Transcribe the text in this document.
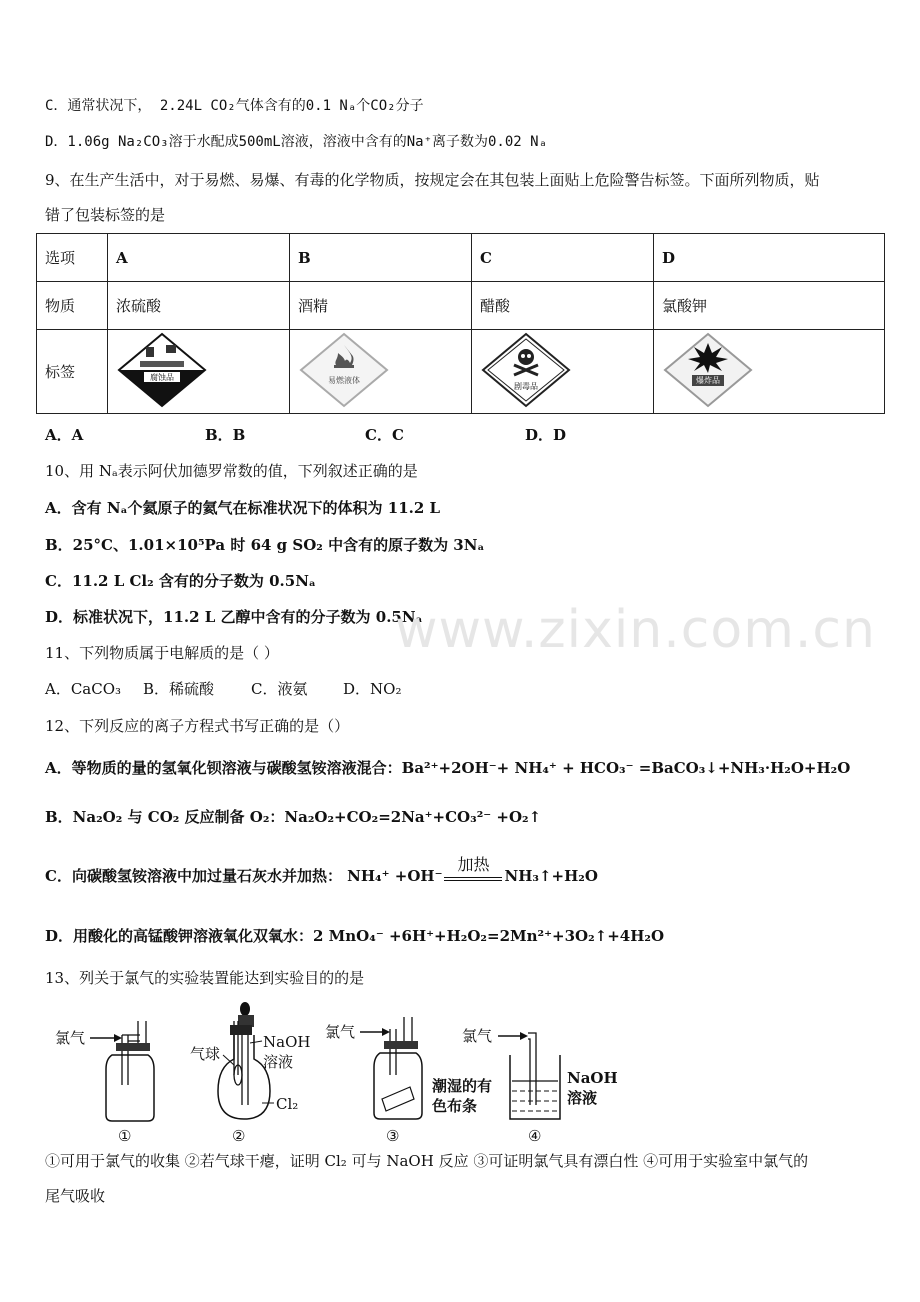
C．通常状况下， 2.24L CO₂气体含有的0.1 Nₐ个CO₂分子
D．1.06g Na₂CO₃溶于水配成500mL溶液，溶液中含有的Na⁺离子数为0.02 Nₐ
9、在生产生活中，对于易燃、易爆、有毒的化学物质，按规定会在其包装上面贴上危险警告标签。下面所列物质，贴
错了包装标签的是
选项	A	B	C	D
物质	浓硫酸	酒精	醋酸	氯酸钾
标签	腐蚀品	易燃液体	剧毒品	爆炸品
A．A	B．B	C．C	D．D
10、用 Nₐ表示阿伏加德罗常数的值，下列叙述正确的是
A．含有 Nₐ个氦原子的氦气在标准状况下的体积为 11.2 L
B．25°C、1.01×10⁵Pa 时 64 g SO₂ 中含有的原子数为 3Nₐ
C．11.2 L Cl₂ 含有的分子数为 0.5Nₐ
D．标准状况下，11.2 L 乙醇中含有的分子数为 0.5Nₐ
www.zixin.com.cn
11、下列物质属于电解质的是（ ）
A．CaCO₃ B．稀硫酸 C．液氨 D．NO₂
12、下列反应的离子方程式书写正确的是（）
A．等物质的量的氢氧化钡溶液与碳酸氢铵溶液混合：Ba²⁺+2OH⁻+ NH₄⁺ + HCO₃⁻ =BaCO₃↓+NH₃·H₂O+H₂O
B．Na₂O₂ 与 CO₂ 反应制备 O₂：Na₂O₂+CO₂=2Na⁺+CO₃²⁻ +O₂↑
C．向碳酸氢铵溶液中加过量石灰水并加热： NH₄⁺ +OH⁻
加热
NH₃↑+H₂O
D．用酸化的高锰酸钾溶液氧化双氧水：2 MnO₄⁻ +6H⁺+H₂O₂=2Mn²⁺+3O₂↑+4H₂O
13、列关于氯气的实验装置能达到实验目的的是
氯气
①
气球
NaOH
溶液
Cl₂
②
氯气
潮湿的有
色布条
③
氯气
NaOH
溶液
④
①可用于氯气的收集 ②若气球干瘪，证明 Cl₂ 可与 NaOH 反应 ③可证明氯气具有漂白性 ④可用于实验室中氯气的
尾气吸收
